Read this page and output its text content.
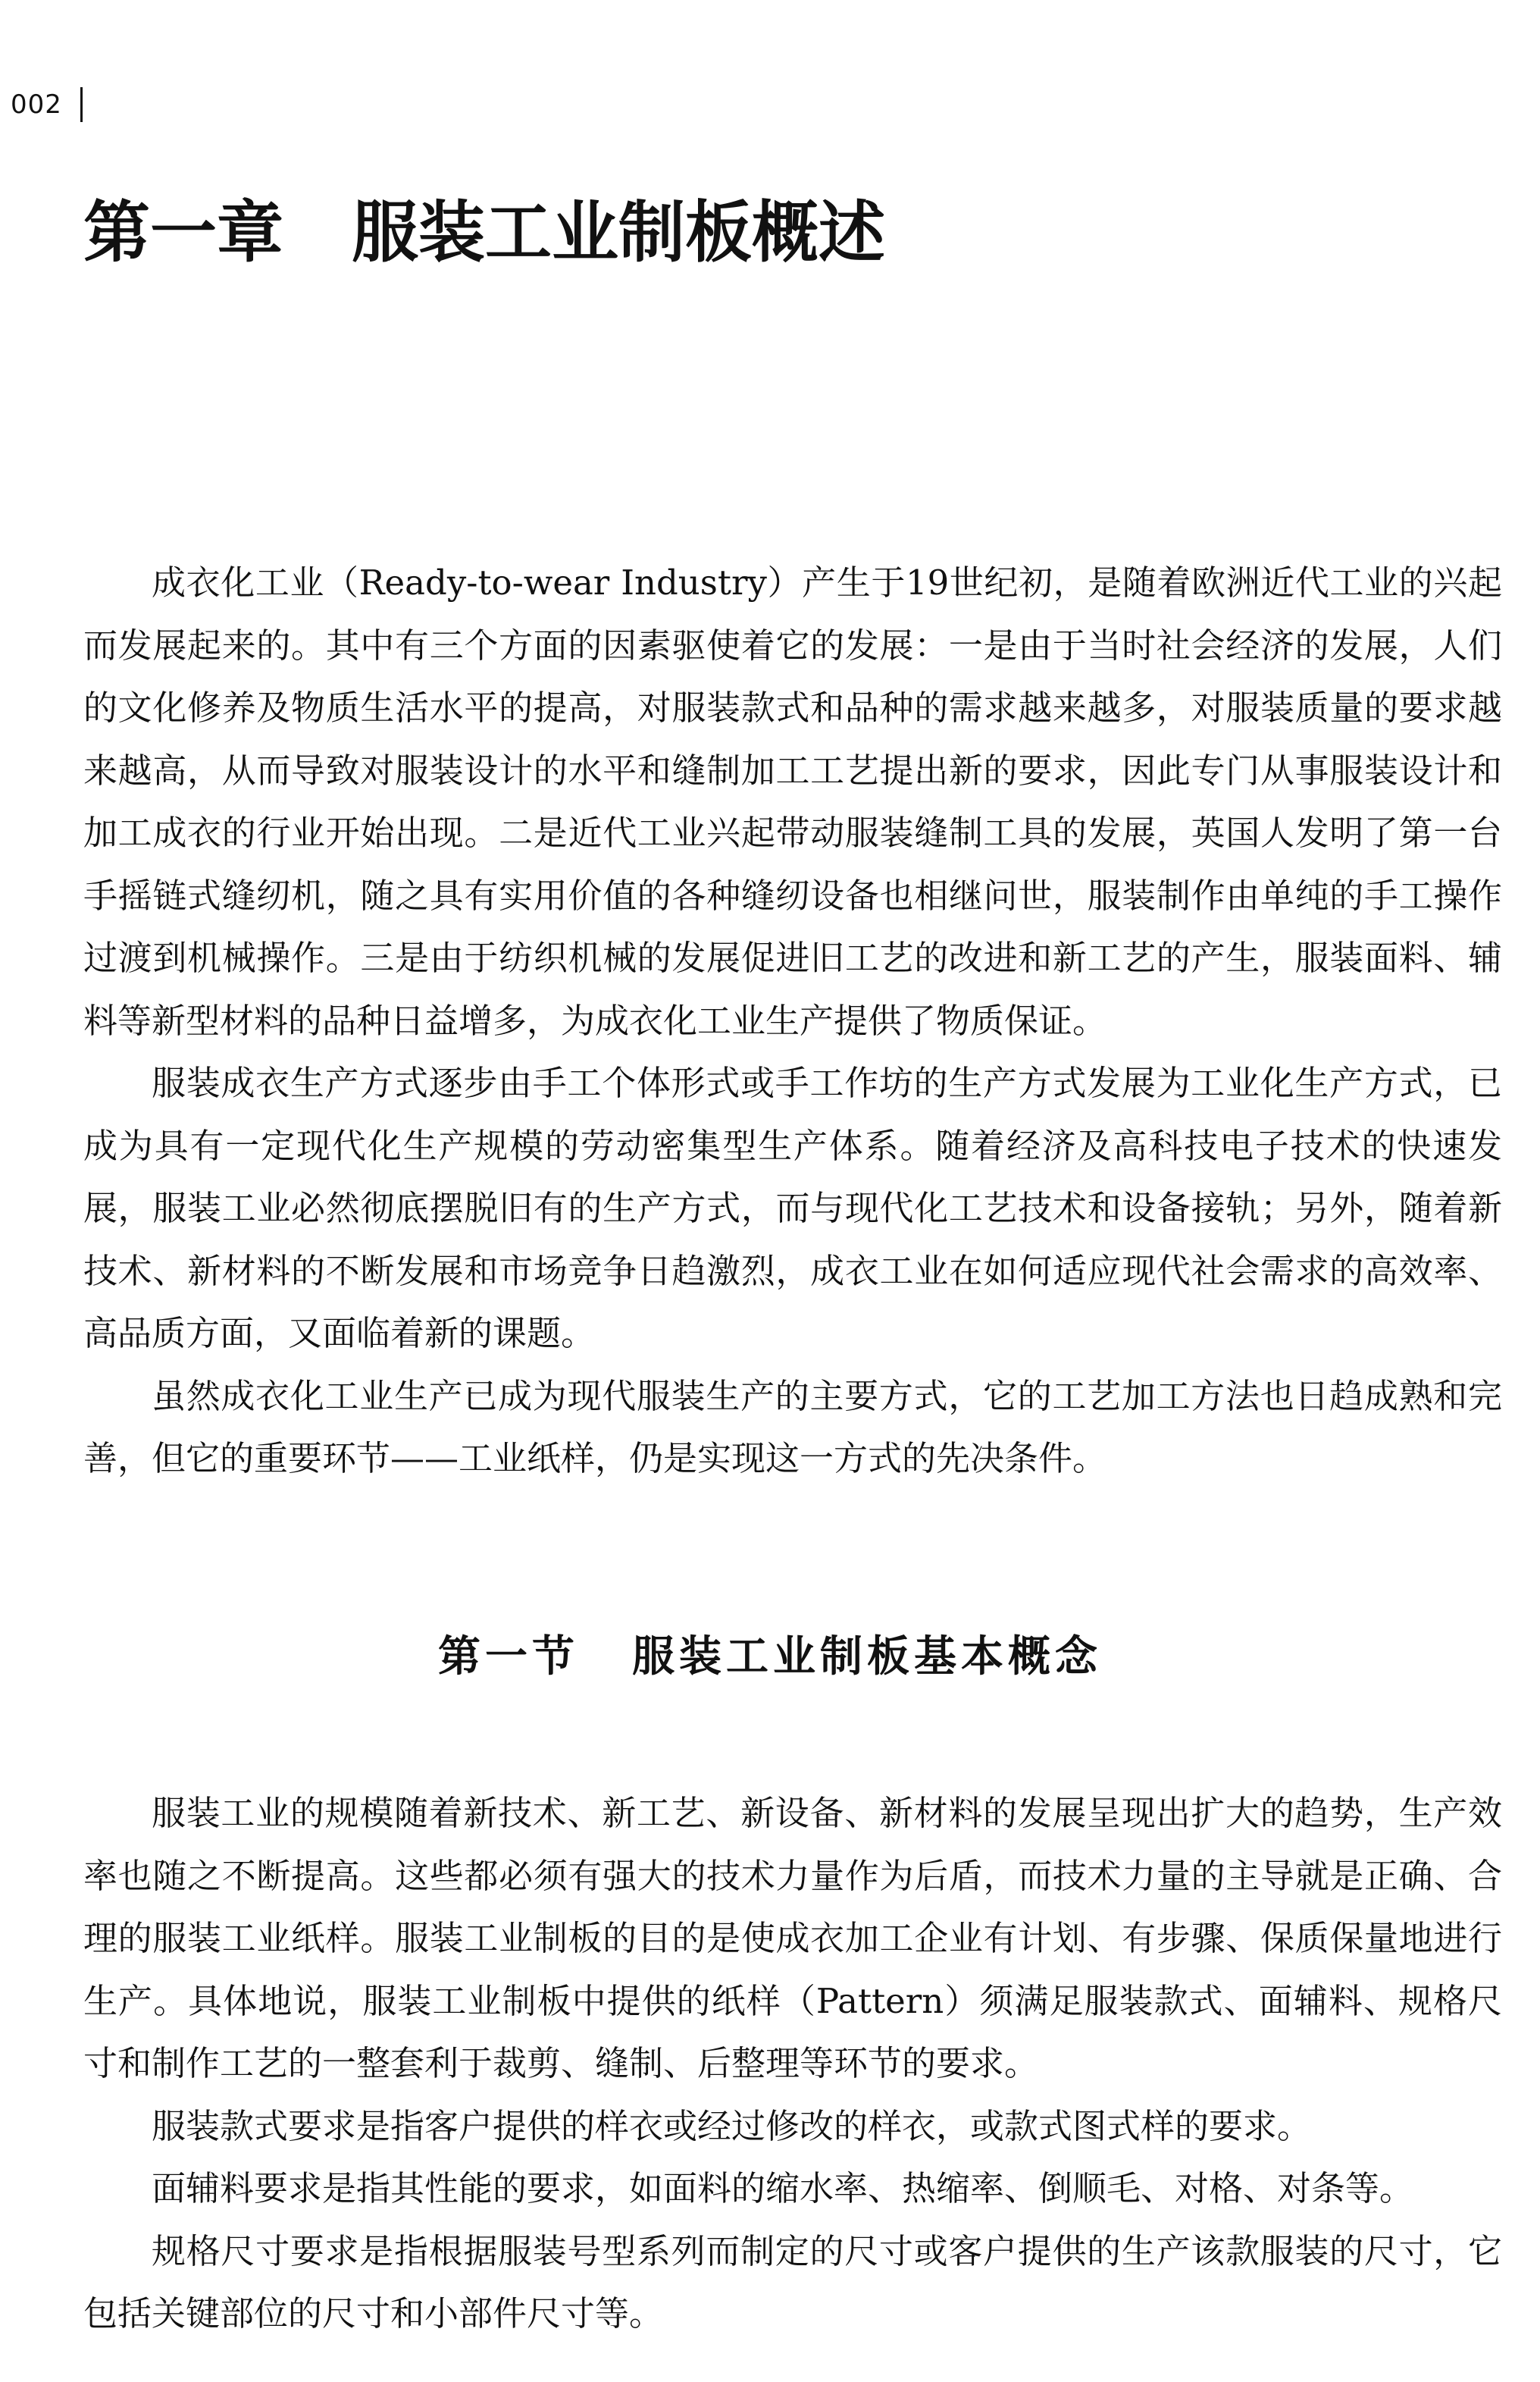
002
第一章 服装工业制板概述

成衣化工业（Ready-to-wear Industry）产生于19世纪初，是随着欧洲近代工业的兴起而发展起来的。其中有三个方面的因素驱使着它的发展：一是由于当时社会经济的发展，人们的文化修养及物质生活水平的提高，对服装款式和品种的需求越来越多，对服装质量的要求越来越高，从而导致对服装设计的水平和缝制加工工艺提出新的要求，因此专门从事服装设计和加工成衣的行业开始出现。二是近代工业兴起带动服装缝制工具的发展，英国人发明了第一台手摇链式缝纫机，随之具有实用价值的各种缝纫设备也相继问世，服装制作由单纯的手工操作过渡到机械操作。三是由于纺织机械的发展促进旧工艺的改进和新工艺的产生，服装面料、辅料等新型材料的品种日益增多，为成衣化工业生产提供了物质保证。

服装成衣生产方式逐步由手工个体形式或手工作坊的生产方式发展为工业化生产方式，已成为具有一定现代化生产规模的劳动密集型生产体系。随着经济及高科技电子技术的快速发展，服装工业必然彻底摆脱旧有的生产方式，而与现代化工艺技术和设备接轨；另外，随着新技术、新材料的不断发展和市场竞争日趋激烈，成衣工业在如何适应现代社会需求的高效率、高品质方面，又面临着新的课题。

虽然成衣化工业生产已成为现代服装生产的主要方式，它的工艺加工方法也日趋成熟和完善，但它的重要环节——工业纸样，仍是实现这一方式的先决条件。

第一节 服装工业制板基本概念

服装工业的规模随着新技术、新工艺、新设备、新材料的发展呈现出扩大的趋势，生产效率也随之不断提高。这些都必须有强大的技术力量作为后盾，而技术力量的主导就是正确、合理的服装工业纸样。服装工业制板的目的是使成衣加工企业有计划、有步骤、保质保量地进行生产。具体地说，服装工业制板中提供的纸样（Pattern）须满足服装款式、面辅料、规格尺寸和制作工艺的一整套利于裁剪、缝制、后整理等环节的要求。

服装款式要求是指客户提供的样衣或经过修改的样衣，或款式图式样的要求。

面辅料要求是指其性能的要求，如面料的缩水率、热缩率、倒顺毛、对格、对条等。

规格尺寸要求是指根据服装号型系列而制定的尺寸或客户提供的生产该款服装的尺寸，它包括关键部位的尺寸和小部件尺寸等。
